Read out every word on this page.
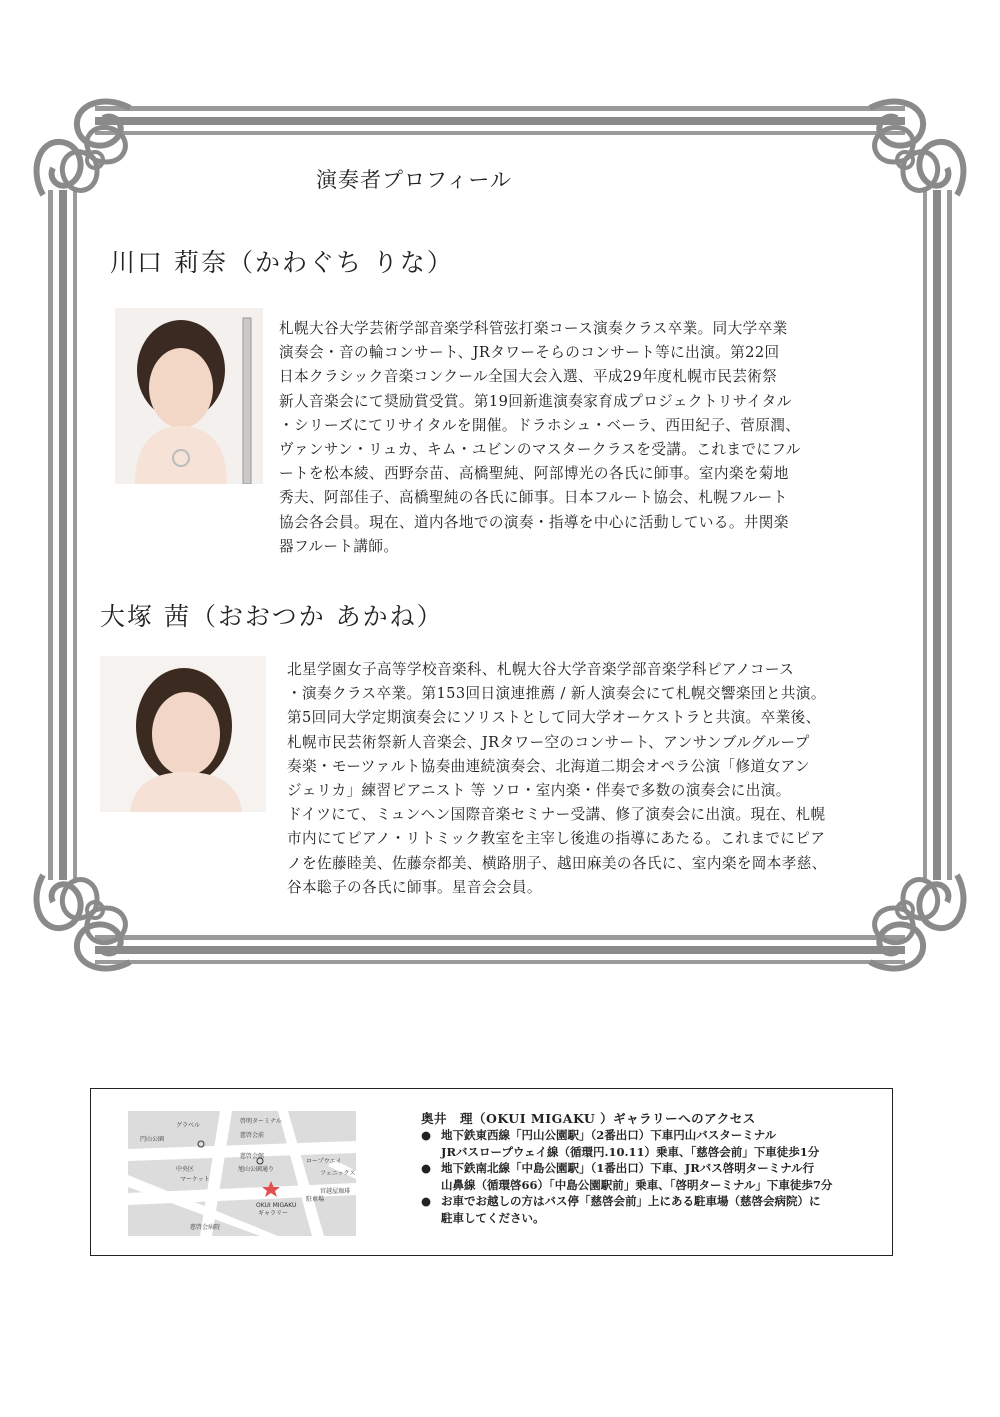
演奏者プロフィール
川口 莉奈（かわぐち りな）
札幌大谷大学芸術学部音楽学科管弦打楽コース演奏クラス卒業。同大学卒業
演奏会・音の輪コンサート、JRタワーそらのコンサート等に出演。第22回
日本クラシック音楽コンクール全国大会入選、平成29年度札幌市民芸術祭
新人音楽会にて奨励賞受賞。第19回新進演奏家育成プロジェクトリサイタル
・シリーズにてリサイタルを開催。ドラホシュ・ベーラ、西田紀子、菅原潤、
ヴァンサン・リュカ、キム・ユビンのマスタークラスを受講。これまでにフル
ートを松本綾、西野奈苗、高橋聖純、阿部博光の各氏に師事。室内楽を菊地
秀夫、阿部佳子、高橋聖純の各氏に師事。日本フルート協会、札幌フルート
協会各会員。現在、道内各地での演奏・指導を中心に活動している。井関楽
器フルート講師。
大塚 茜（おおつか あかね）
北星学園女子高等学校音楽科、札幌大谷大学音楽学部音楽学科ピアノコース
・演奏クラス卒業。第153回日演連推薦 / 新人演奏会にて札幌交響楽団と共演。
第5回同大学定期演奏会にソリストとして同大学オーケストラと共演。卒業後、
札幌市民芸術祭新人音楽会、JRタワー空のコンサート、アンサンブルグループ
奏楽・モーツァルト協奏曲連続演奏会、北海道二期会オペラ公演「修道女アン
ジェリカ」練習ピアニスト 等 ソロ・室内楽・伴奏で多数の演奏会に出演。
ドイツにて、ミュンヘン国際音楽セミナー受講、修了演奏会に出演。現在、札幌
市内にてピアノ・リトミック教室を主宰し後進の指導にあたる。これまでにピア
ノを佐藤睦美、佐藤奈都美、横路朋子、越田麻美の各氏に、室内楽を岡本孝慈、
谷本聡子の各氏に師事。星音会会員。
グラベル
円山公園
慈啓会館
旭山公園通り
ロープウエイ
フェニックス
啓明ターミナル
慈啓会病院
中央区
マーケット
OKUI MIGAKU
ギャラリー
宮越屋珈琲
駐車場
慈啓会前
奥井　理（OKUI MIGAKU ）ギャラリーへのアクセス
● 地下鉄東西線「円山公園駅」（2番出口）下車円山バスターミナル
JRバスロープウェイ線（循環円.10.11）乗車、「慈啓会前」下車徒歩1分
● 地下鉄南北線「中島公園駅」（1番出口）下車、JRバス啓明ターミナル行
山鼻線（循環啓66）「中島公園駅前」乗車、「啓明ターミナル」下車徒歩7分
● お車でお越しの方はバス停「慈啓会前」上にある駐車場（慈啓会病院）に
駐車してください。
